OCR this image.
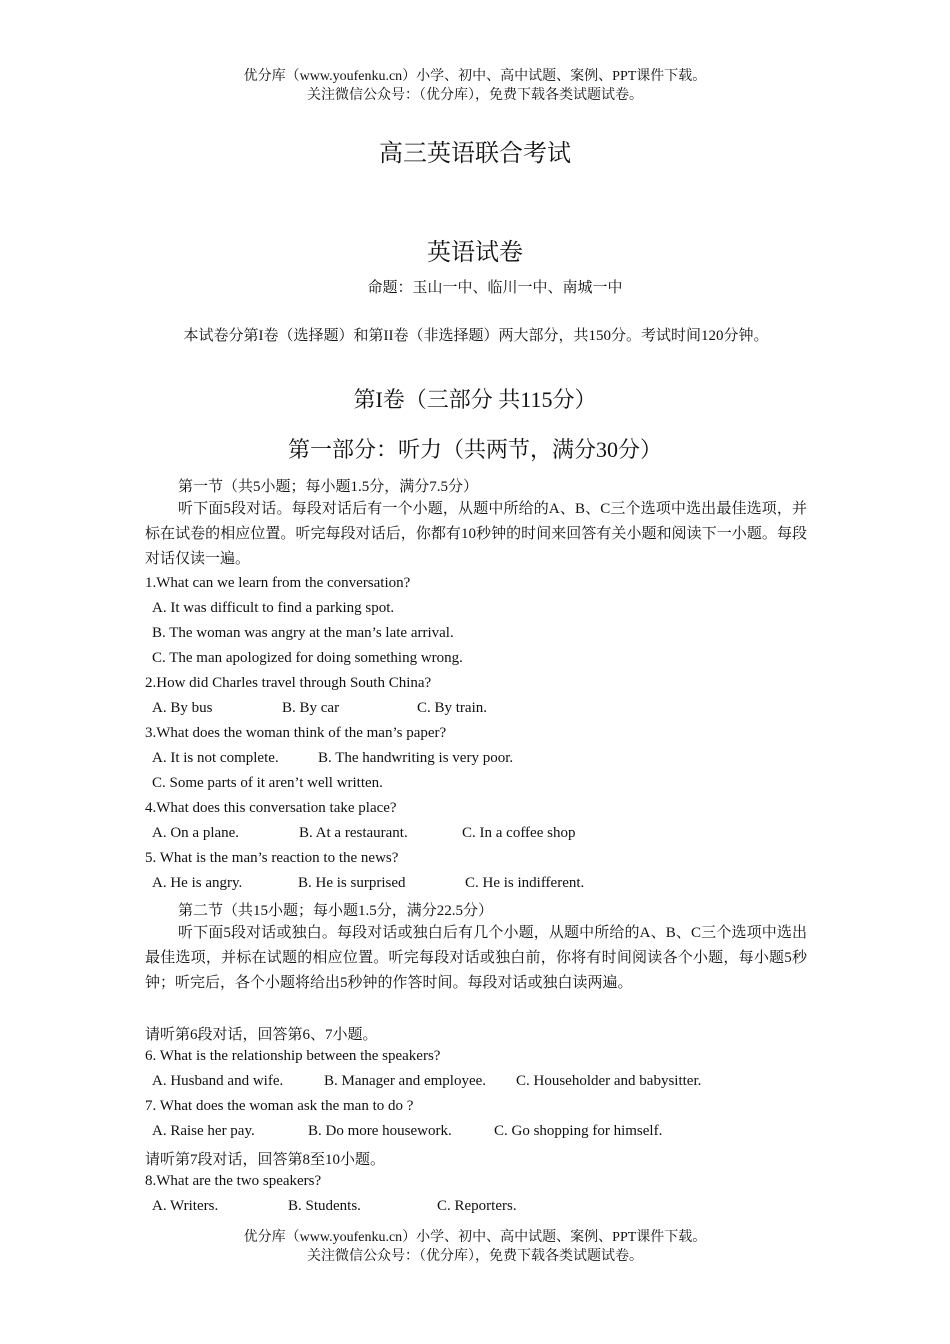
优分库（www.youfenku.cn）小学、初中、高中试题、案例、PPT课件下载。
关注微信公众号：（优分库），免费下载各类试题试卷。
高三英语联合考试
英语试卷
命题：玉山一中、临川一中、南城一中
本试卷分第I卷（选择题）和第II卷（非选择题）两大部分，共150分。考试时间120分钟。
第I卷（三部分 共115分）
第一部分：听力（共两节，满分30分）
第一节（共5小题；每小题1.5分，满分7.5分）
听下面5段对话。每段对话后有一个小题，从题中所给的A、B、C三个选项中选出最佳选项，并标在试卷的相应位置。听完每段对话后，你都有10秒钟的时间来回答有关小题和阅读下一小题。每段对话仅读一遍。
1.What can we learn from the conversation?
A. It was difficult to find a parking spot.
B. The woman was angry at the man’s late arrival.
C. The man apologized for doing something wrong.
2.How did Charles travel through South China?
A. By bus	B. By car	C. By train.
3.What does the woman think of the man’s paper?
A. It is not complete.	B. The handwriting is very poor.
C. Some parts of it aren’t well written.
4.What does this conversation take place?
A. On a plane.	B. At a restaurant.	C. In a coffee shop
5. What is the man’s reaction to the news?
A. He is angry.	B. He is surprised	C. He is indifferent.
第二节（共15小题；每小题1.5分，满分22.5分）
听下面5段对话或独白。每段对话或独白后有几个小题，从题中所给的A、B、C三个选项中选出最佳选项，并标在试题的相应位置。听完每段对话或独白前，你将有时间阅读各个小题，每小题5秒钟；听完后，各个小题将给出5秒钟的作答时间。每段对话或独白读两遍。
请听第6段对话，回答第6、7小题。
6. What is the relationship between the speakers?
A. Husband and wife.	B. Manager and employee. C. Householder and babysitter.
7. What does the woman ask the man to do ?
A. Raise her pay.	B. Do more housework.	C. Go shopping for himself.
请听第7段对话，回答第8至10小题。
8.What are the two speakers?
A. Writers.	B. Students.	C. Reporters.
优分库（www.youfenku.cn）小学、初中、高中试题、案例、PPT课件下载。
关注微信公众号：（优分库），免费下载各类试题试卷。
